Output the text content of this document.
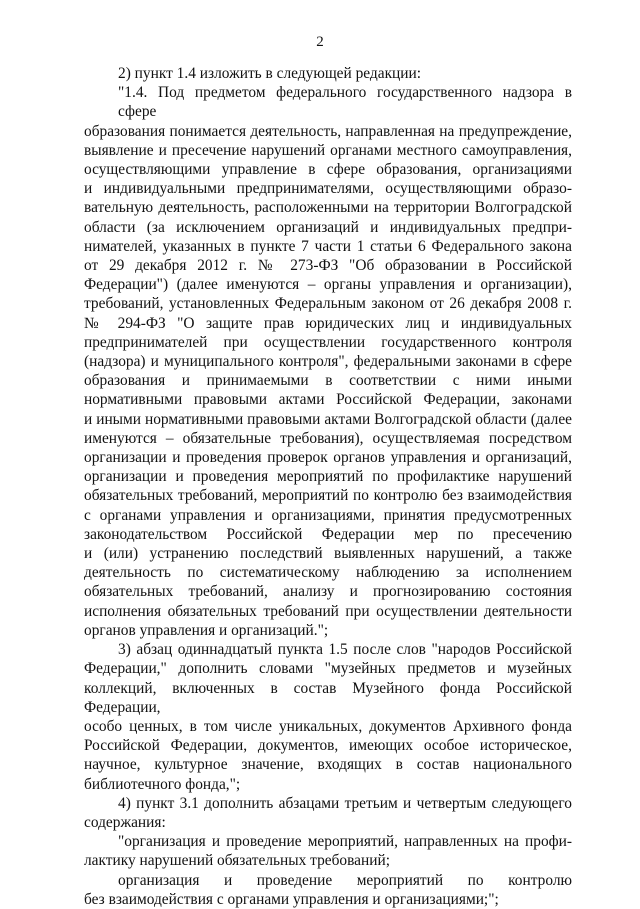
2
2) пункт 1.4 изложить в следующей редакции:
"1.4. Под предметом федерального государственного надзора в сфере
образования понимается деятельность, направленная на предупреждение,
выявление и пресечение нарушений органами местного самоуправления,
осуществляющими управление в сфере образования, организациями
и индивидуальными предпринимателями, осуществляющими образо-
вательную деятельность, расположенными на территории Волгоградской
области (за исключением организаций и индивидуальных предпри-
нимателей, указанных в пункте 7 части 1 статьи 6 Федерального закона
от 29 декабря 2012 г. № 273-ФЗ "Об образовании в Российской
Федерации") (далее именуются – органы управления и организации),
требований, установленных Федеральным законом от 26 декабря 2008 г.
№ 294-ФЗ "О защите прав юридических лиц и индивидуальных
предпринимателей при осуществлении государственного контроля
(надзора) и муниципального контроля", федеральными законами в сфере
образования и принимаемыми в соответствии с ними иными
нормативными правовыми актами Российской Федерации, законами
и иными нормативными правовыми актами Волгоградской области (далее
именуются – обязательные требования), осуществляемая посредством
организации и проведения проверок органов управления и организаций,
организации и проведения мероприятий по профилактике нарушений
обязательных требований, мероприятий по контролю без взаимодействия
с органами управления и организациями, принятия предусмотренных
законодательством Российской Федерации мер по пресечению
и (или) устранению последствий выявленных нарушений, а также
деятельность по систематическому наблюдению за исполнением
обязательных требований, анализу и прогнозированию состояния
исполнения обязательных требований при осуществлении деятельности
органов управления и организаций.";
3) абзац одиннадцатый пункта 1.5 после слов "народов Российской
Федерации," дополнить словами "музейных предметов и музейных
коллекций, включенных в состав Музейного фонда Российской Федерации,
особо ценных, в том числе уникальных, документов Архивного фонда
Российской Федерации, документов, имеющих особое историческое,
научное, культурное значение, входящих в состав национального
библиотечного фонда,";
4) пункт 3.1 дополнить абзацами третьим и четвертым следующего
содержания:
"организация и проведение мероприятий, направленных на профи-
лактику нарушений обязательных требований;
организация и проведение мероприятий по контролю
без взаимодействия с органами управления и организациями;";
